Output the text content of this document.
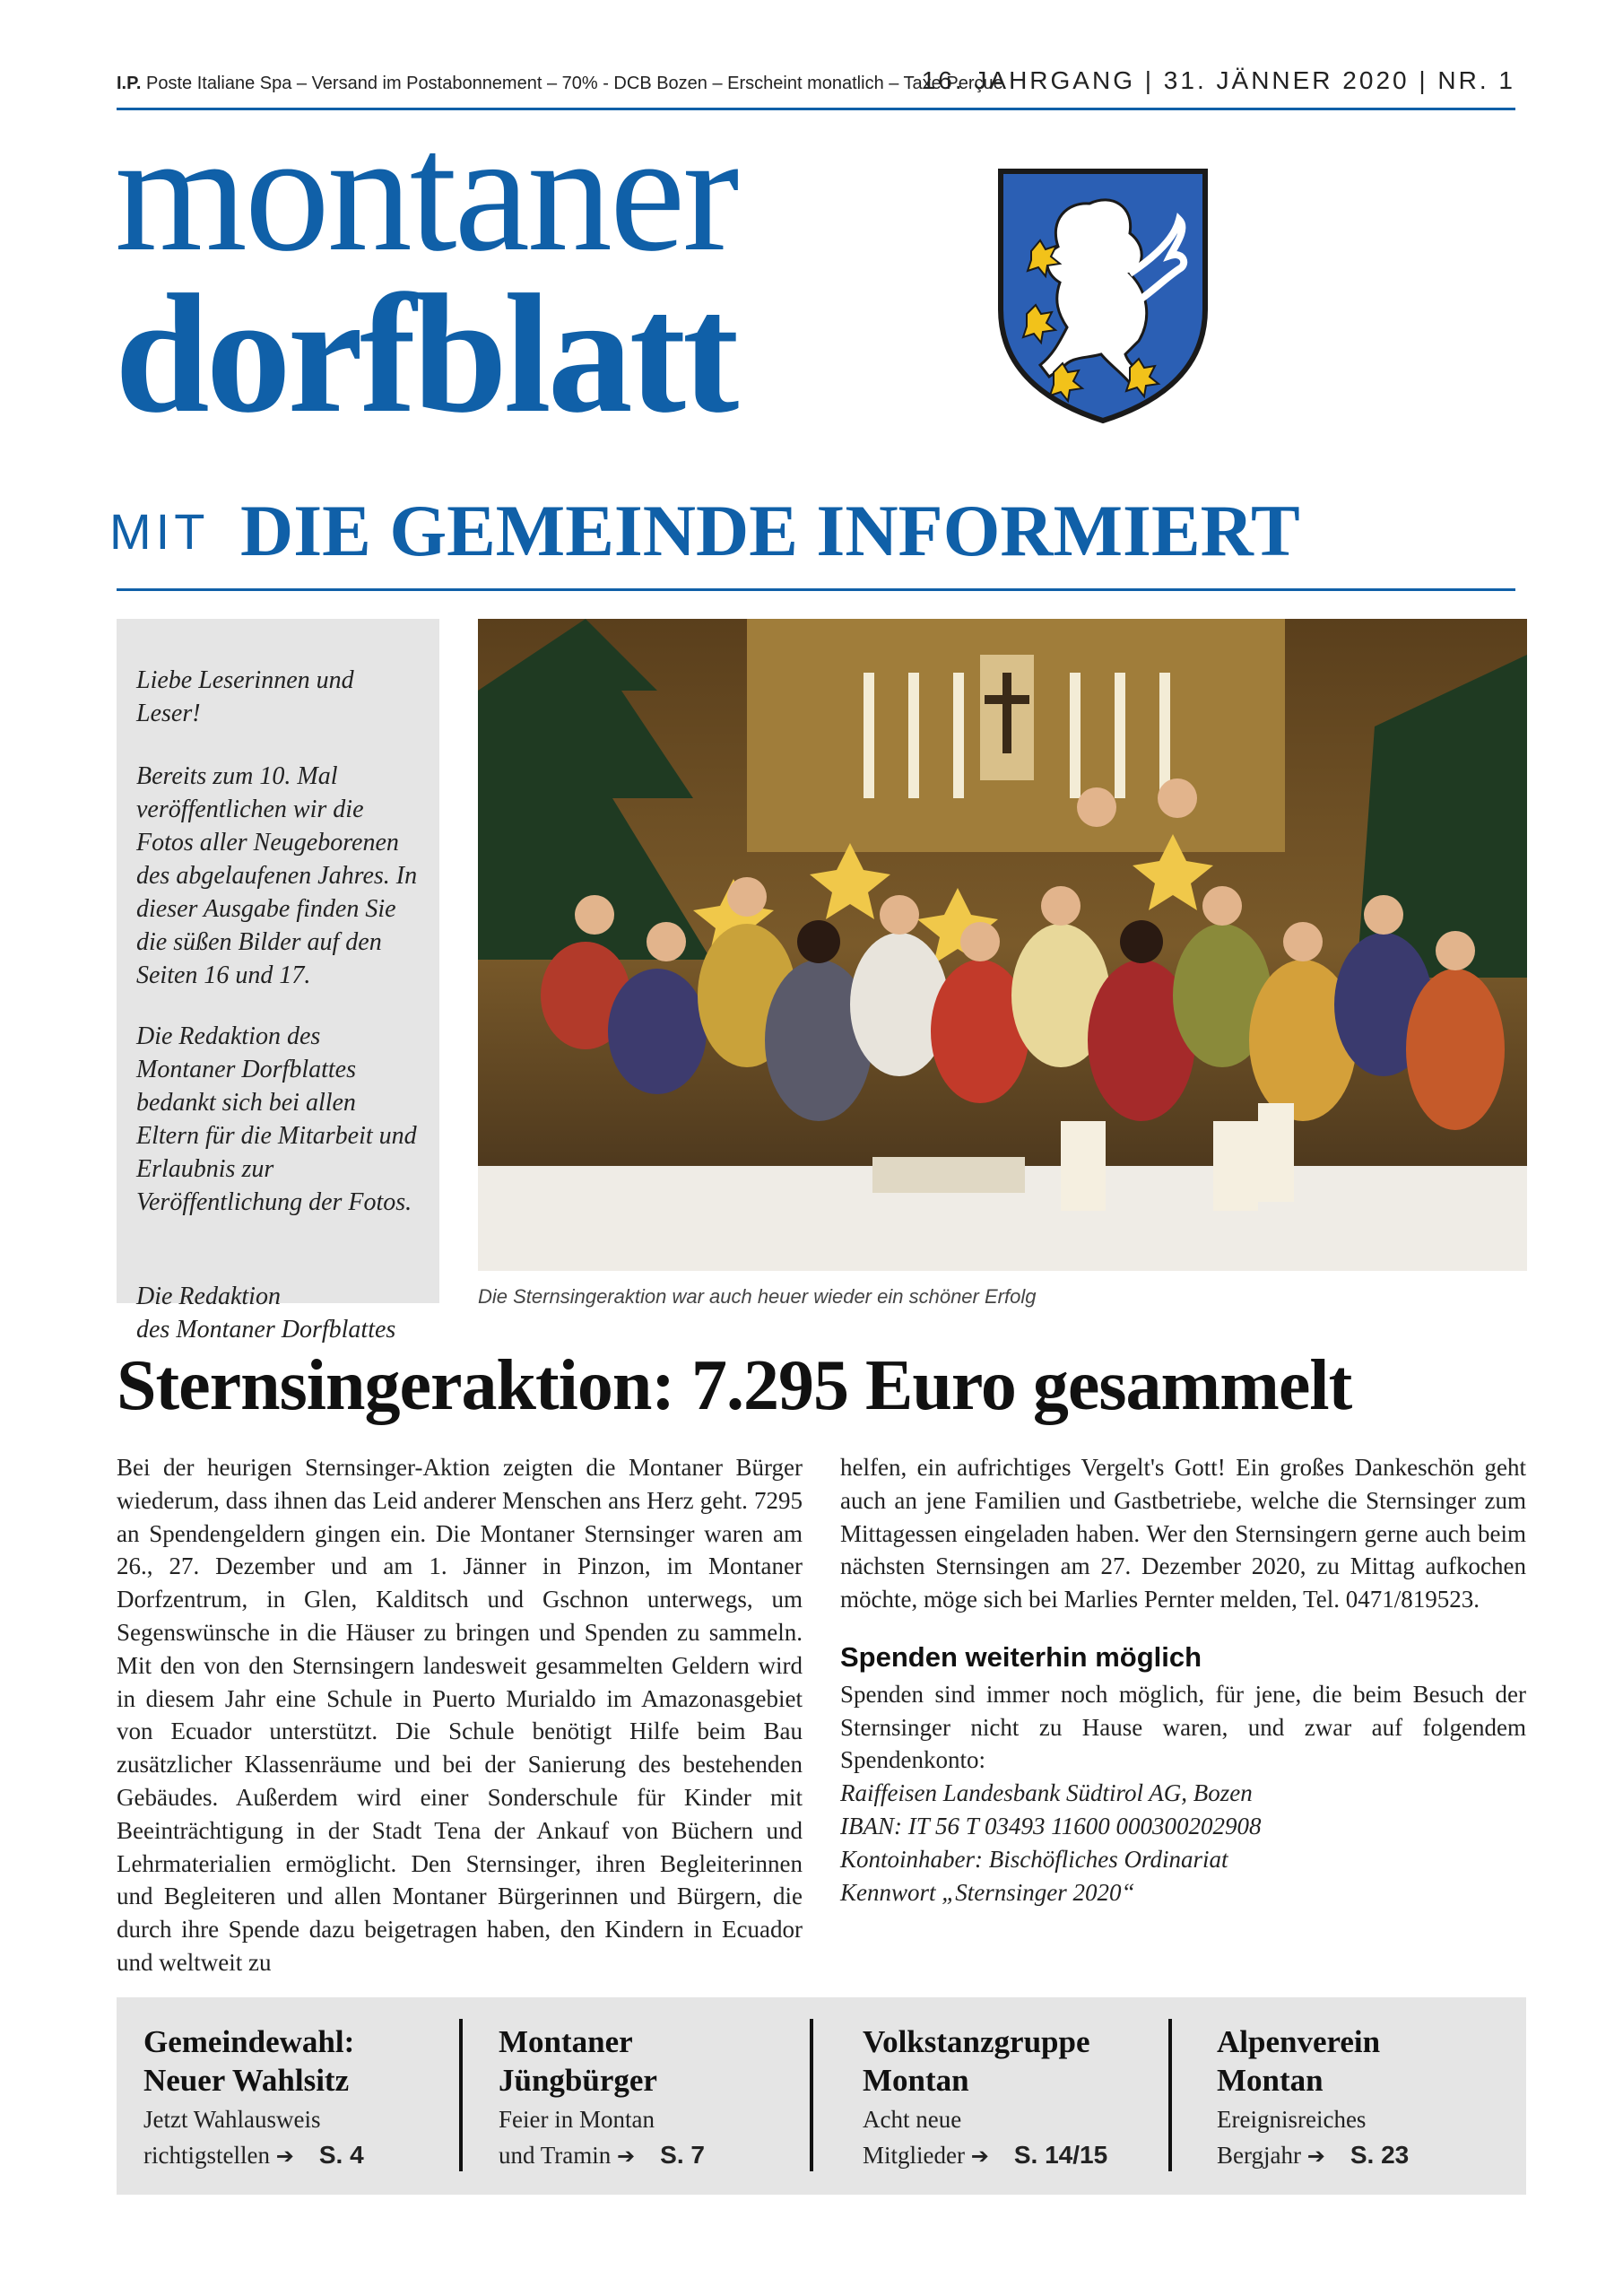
I.P. Poste Italiane Spa – Versand im Postabonnement – 70% - DCB Bozen – Erscheint monatlich – Taxe Perçue
16. JAHRGANG | 31. JÄNNER 2020 | NR. 1
montaner
dorfblatt
MIT DIE GEMEINDE INFORMIERT

Liebe Leserinnen und Leser!

Bereits zum 10. Mal veröffentlichen wir die Fotos aller Neugeborenen des abgelaufenen Jahres. In dieser Ausgabe finden Sie die süßen Bilder auf den Seiten 16 und 17.

Die Redaktion des Montaner Dorfblattes bedankt sich bei allen Eltern für die Mitarbeit und Erlaubnis zur Veröffentlichung der Fotos.

Die Redaktion
des Montaner Dorfblattes
Die Sternsingeraktion war auch heuer wieder ein schöner Erfolg
Sternsingeraktion: 7.295 Euro gesammelt
Bei der heurigen Sternsinger-Aktion zeigten die Montaner Bürger wiederum, dass ihnen das Leid anderer Menschen ans Herz geht. 7295 an Spendengeldern gingen ein. Die Montaner Sternsinger waren am 26., 27. Dezember und am 1. Jänner in Pinzon, im Montaner Dorfzentrum, in Glen, Kalditsch und Gschnon unterwegs, um Segenswünsche in die Häuser zu bringen und Spenden zu sammeln. Mit den von den Sternsingern landesweit gesammelten Geldern wird in diesem Jahr eine Schule in Puerto Murialdo im Amazonasgebiet von Ecuador unterstützt. Die Schule benötigt Hilfe beim Bau zusätzlicher Klassenräume und bei der Sanierung des bestehenden Gebäudes. Außerdem wird einer Sonderschule für Kinder mit Beeinträchtigung in der Stadt Tena der Ankauf von Büchern und Lehrmaterialien ermöglicht. Den Sternsinger, ihren Begleiterinnen und Begleiteren und allen Montaner Bürgerinnen und Bürgern, die durch ihre Spende dazu beigetragen haben, den Kindern in Ecuador und weltweit zu
helfen, ein aufrichtiges Vergelt's Gott! Ein großes Dankeschön geht auch an jene Familien und Gastbetriebe, welche die Sternsinger zum Mittagessen eingeladen haben. Wer den Sternsingern gerne auch beim nächsten Sternsingen am 27. Dezember 2020, zu Mittag aufkochen möchte, möge sich bei Marlies Pernter melden, Tel. 0471/819523.
Spenden weiterhin möglich
Spenden sind immer noch möglich, für jene, die beim Besuch der Sternsinger nicht zu Hause waren, und zwar auf folgendem Spendenkonto:
Raiffeisen Landesbank Südtirol AG, Bozen
IBAN: IT 56 T 03493 11600 000300202908
Kontoinhaber: Bischöfliches Ordinariat
Kennwort „Sternsinger 2020“
Gemeindewahl:
Neuer Wahlsitz
Jetzt Wahlausweis
richtigstellen ➔ S. 4
Montaner
Jüngbürger
Feier in Montan
und Tramin ➔ S. 7
Volkstanzgruppe
Montan
Acht neue
Mitglieder ➔ S. 14/15
Alpenverein
Montan
Ereignisreiches
Bergjahr ➔ S. 23
